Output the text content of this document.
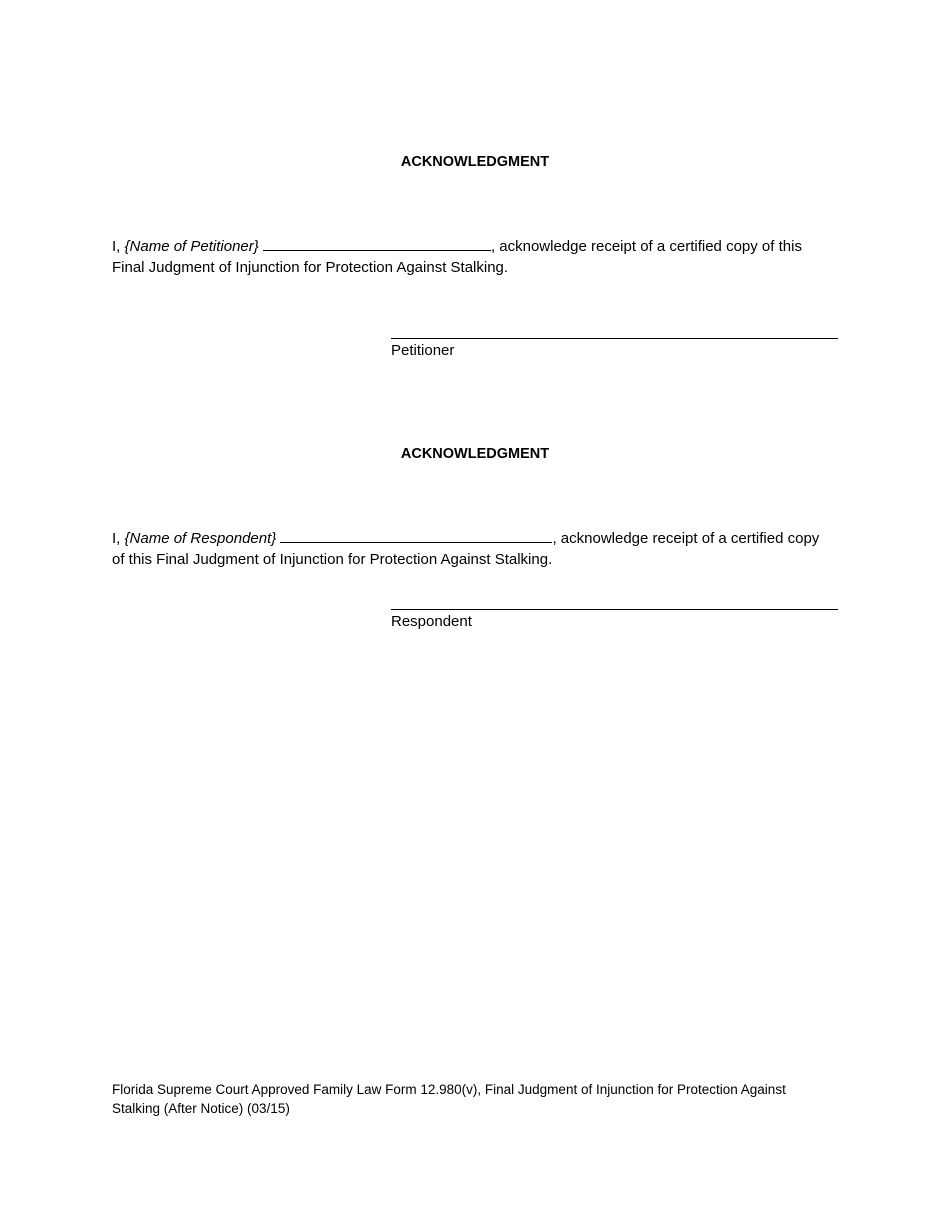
ACKNOWLEDGMENT
I, {Name of Petitioner}	, acknowledge receipt of a certified copy of this
Final Judgment of Injunction for Protection Against Stalking.
Petitioner
ACKNOWLEDGMENT
I, {Name of Respondent}	, acknowledge receipt of a certified copy
of this Final Judgment of Injunction for Protection Against Stalking.
Respondent
Florida Supreme Court Approved Family Law Form 12.980(v), Final Judgment of Injunction for Protection Against
Stalking (After Notice) (03/15)
